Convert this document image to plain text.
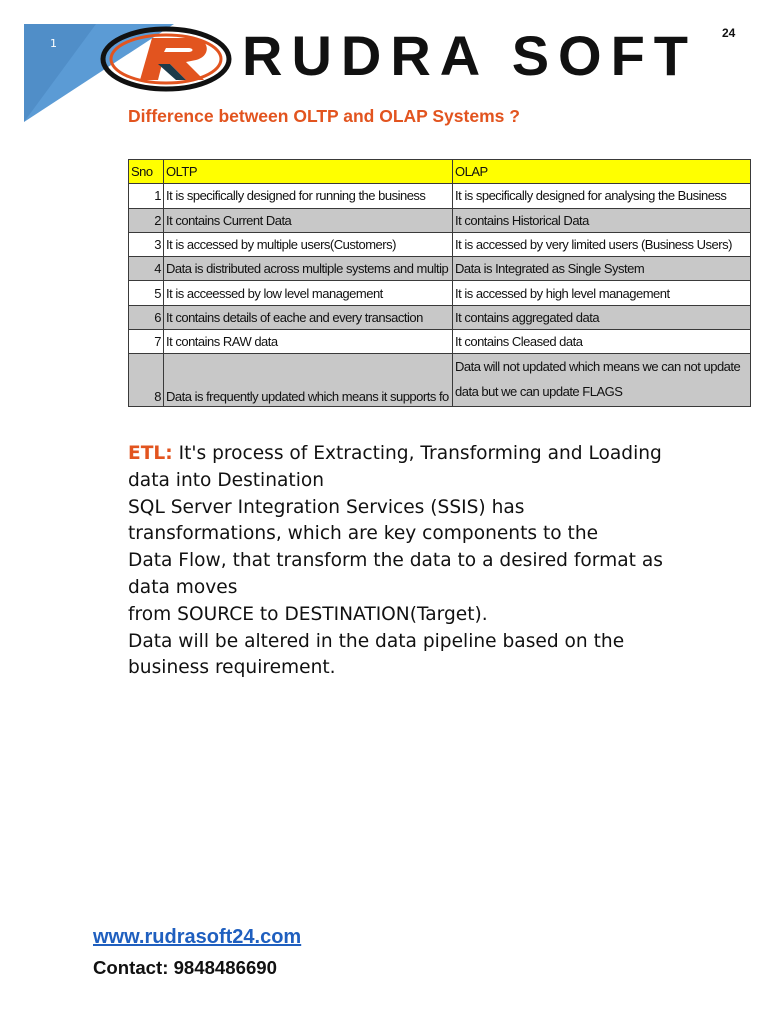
1	RUDRA SOFT 24
Difference between OLTP and OLAP Systems ?
Sno	OLTP	OLAP
1	It is specifically designed for running the business	It is specifically designed for analysing the Business
2	It contains Current Data	It contains Historical Data
3	It is accessed by multiple users(Customers)	It is accessed by very limited users (Business Users)
4	Data is distributed across multiple systems and multip	Data is Integrated as Single System
5	It is acceessed by low level management	It is accessed by high level management
6	It contains details of eache and every transaction	It contains aggregated data
7	It contains RAW data	It contains Cleased data
8	Data is frequently updated which means it supports fo	Data will not updated which means we can not update
data but we can update FLAGS
ETL: It's process of Extracting, Transforming and Loading
data into Destination
SQL Server Integration Services (SSIS) has
transformations, which are key components to the
Data Flow, that transform the data to a desired format as
data moves
from SOURCE to DESTINATION(Target).
Data will be altered in the data pipeline based on the
business requirement.
www.rudrasoft24.com
Contact: 9848486690
